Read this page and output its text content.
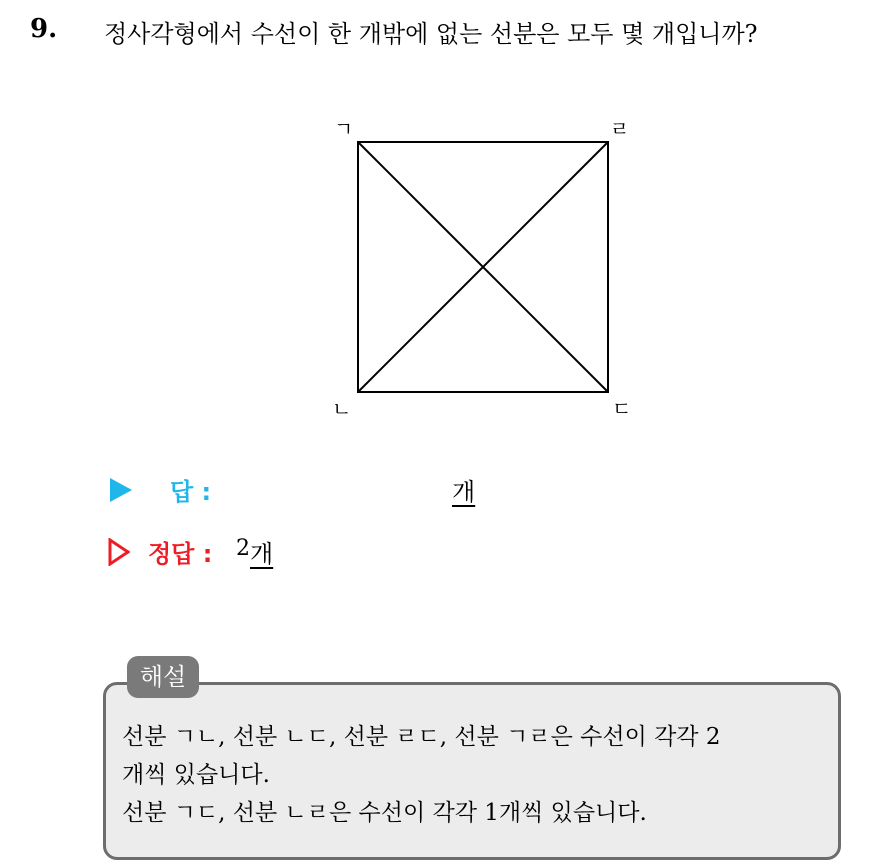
9. 정사각형에서 수선이 한 개밖에 없는 선분은 모두 몇 개입니까?
ㄱ	ㄹ
ㄴ	ㄷ
답 :	개
정답 : 2 개
해설
선분 ㄱㄴ, 선분 ㄴㄷ, 선분 ㄹㄷ, 선분 ㄱㄹ은 수선이 각각 2
개씩 있습니다.
선분 ㄱㄷ, 선분 ㄴㄹ은 수선이 각각 1개씩 있습니다.
